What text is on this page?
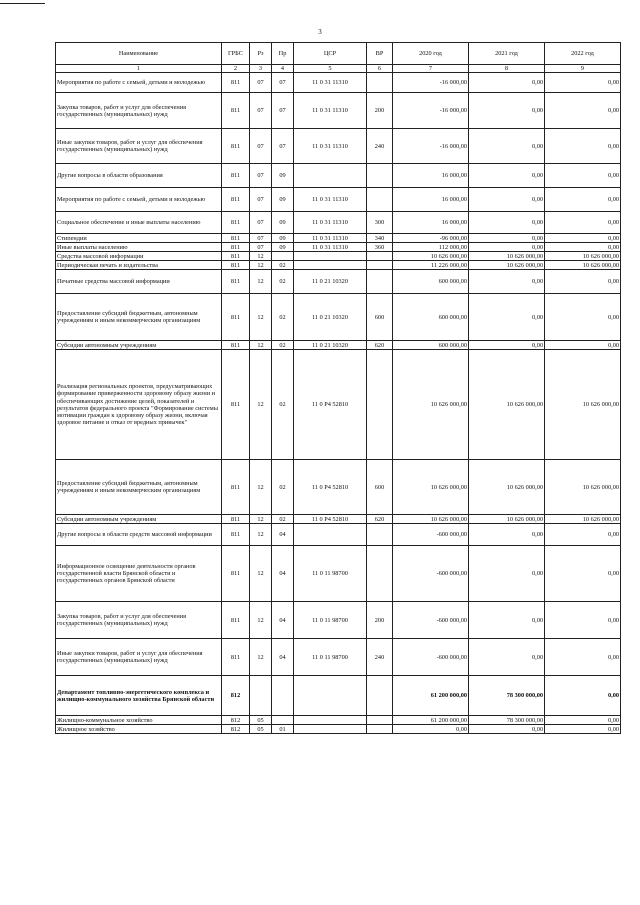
3
Наименование	ГРБС	Рз	Пр	ЦСР	ВР	2020 год	2021 год	2022 год
1	2	3	4	5	6	7	8	9
Мероприятия по работе с семьей, детьми и молодежью	811	07	07	11 0 31 11310		-16 000,00	0,00	0,00
Закупка товаров, работ и услуг для обеспечения государственных (муниципальных) нужд	811	07	07	11 0 31 11310	200	-16 000,00	0,00	0,00
Иные закупки товаров, работ и услуг для обеспечения государственных (муниципальных) нужд	811	07	07	11 0 31 11310	240	-16 000,00	0,00	0,00
Другие вопросы в области образования	811	07	09			16 000,00	0,00	0,00
Мероприятия по работе с семьей, детьми и молодежью	811	07	09	11 0 31 11310		16 000,00	0,00	0,00
Социальное обеспечение и иные выплаты населению	811	07	09	11 0 31 11310	300	16 000,00	0,00	0,00
Стипендии	811	07	09	11 0 31 11310	340	-96 000,00	0,00	0,00
Иные выплаты населению	811	07	09	11 0 31 11310	360	112 000,00	0,00	0,00
Средства массовой информации	811	12				10 626 000,00	10 626 000,00	10 626 000,00
Периодическая печать и издательства	811	12	02			11 226 000,00	10 626 000,00	10 626 000,00
Печатные средства массовой информации	811	12	02	11 0 21 10320		600 000,00	0,00	0,00
Предоставление субсидий бюджетным, автономным учреждениям и иным некоммерческим организациям	811	12	02	11 0 21 10320	600	600 000,00	0,00	0,00
Субсидии автономным учреждениям	811	12	02	11 0 21 10320	620	600 000,00	0,00	0,00
Реализация региональных проектов, предусматривающих формирование приверженности здоровому образу жизни и обеспечивающих достижение целей, показателей и результатов федерального проекта "Формирование системы мотивации граждан к здоровому образу жизни, включая здоровое питание и отказ от вредных привычек"	811	12	02	11 0 P4 52810		10 626 000,00	10 626 000,00	10 626 000,00
Предоставление субсидий бюджетным, автономным учреждениям и иным некоммерческим организациям	811	12	02	11 0 P4 52810	600	10 626 000,00	10 626 000,00	10 626 000,00
Субсидии автономным учреждениям	811	12	02	11 0 P4 52810	620	10 626 000,00	10 626 000,00	10 626 000,00
Другие вопросы в области средств массовой информации	811	12	04			-600 000,00	0,00	0,00
Информационное освещение деятельности органов государственной власти Брянской области и государственных органов Брянской области	811	12	04	11 0 11 98700		-600 000,00	0,00	0,00
Закупка товаров, работ и услуг для обеспечения государственных (муниципальных) нужд	811	12	04	11 0 11 98700	200	-600 000,00	0,00	0,00
Иные закупки товаров, работ и услуг для обеспечения государственных (муниципальных) нужд	811	12	04	11 0 11 98700	240	-600 000,00	0,00	0,00
Департамент топливно-энергетического комплекса и жилищно-коммунального хозяйства Брянской области	812					61 200 000,00	78 300 000,00	0,00
Жилищно-коммунальное хозяйство	812	05				61 200 000,00	78 300 000,00	0,00
Жилищное хозяйство	812	05	01			0,00	0,00	0,00
